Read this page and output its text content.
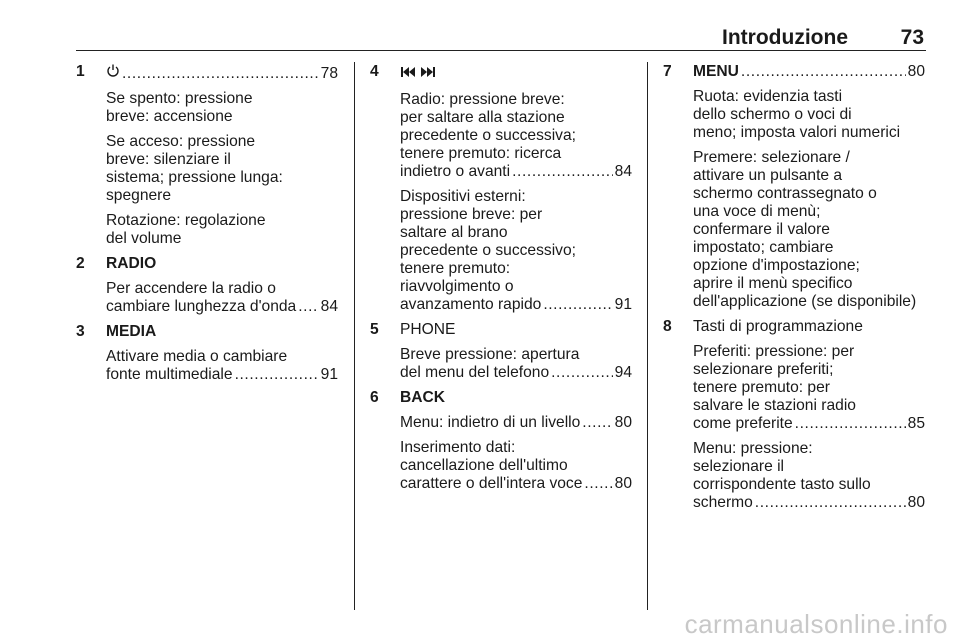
Introduzione	73
1 .....	78
Se spento: pressione
breve: accensione
Se acceso: pressione
breve: silenziare il
sistema; pressione lunga:
spegnere
Rotazione: regolazione
del volume
2 RADIO
Per accendere la radio o
cambiare lunghezza d'onda ..... 84
3 MEDIA
Attivare media o cambiare
fonte multimediale .....	91
4

Radio: pressione breve:
per saltare alla stazione
precedente o successiva;
tenere premuto: ricerca
indietro o avanti .....	84
Dispositivi esterni:
pressione breve: per
saltare al brano
precedente o successivo;
tenere premuto:
riavvolgimento o
avanzamento rapido .....	91
5 PHONE
Breve pressione: apertura
del menu del telefono .....	94
6 BACK
Menu: indietro di un livello ..... 80
Inserimento dati:
cancellazione dell'ultimo
carattere o dell'intera voce ..... 80
7 MENU .....	80
Ruota: evidenzia tasti
dello schermo o voci di
meno; imposta valori numerici
Premere: selezionare /
attivare un pulsante a
schermo contrassegnato o
una voce di menù;
confermare il valore
impostato; cambiare
opzione d'impostazione;
aprire il menù specifico
dell'applicazione (se disponibile)
8 Tasti di programmazione
Preferiti: pressione: per
selezionare preferiti;
tenere premuto: per
salvare le stazioni radio
come preferite .....	85
Menu: pressione:
selezionare il
corrispondente tasto sullo
schermo .....	80
carmanualsonline.info
